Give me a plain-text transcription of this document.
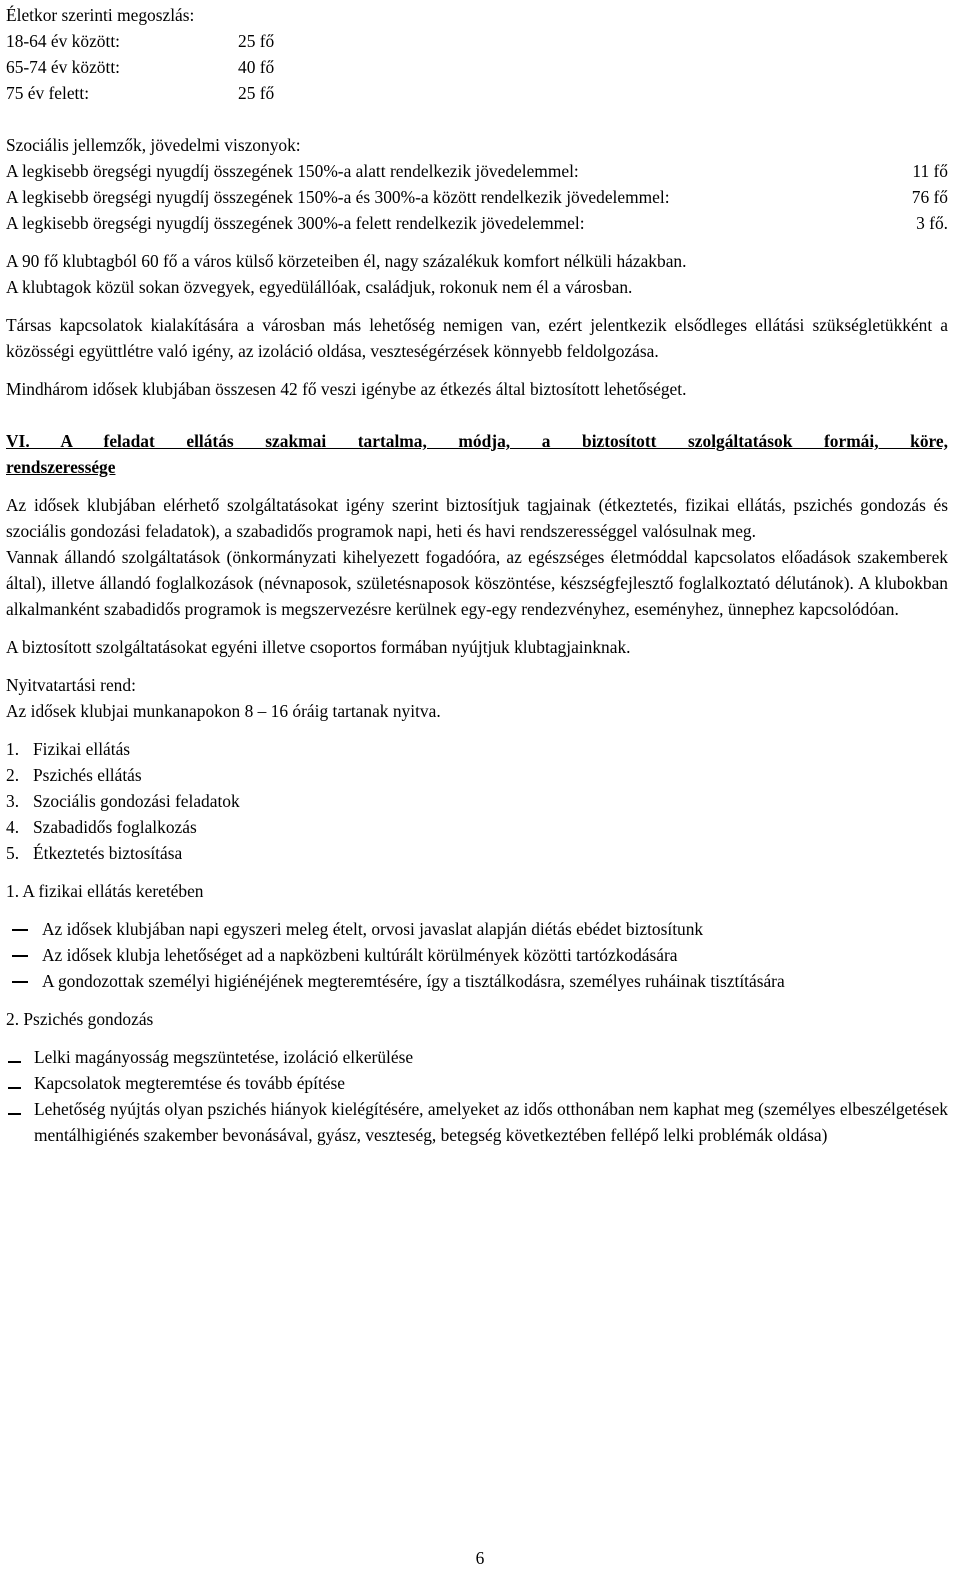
Életkor szerinti megoszlás:
18-64 év között:	25 fő
65-74 év között:	40 fő
75 év felett:	25 fő
Szociális jellemzők, jövedelmi viszonyok:
A legkisebb öregségi nyugdíj összegének 150%-a alatt rendelkezik jövedelemmel:	11 fő
A legkisebb öregségi nyugdíj összegének 150%-a és 300%-a között rendelkezik jövedelemmel:	76 fő
A legkisebb öregségi nyugdíj összegének 300%-a felett rendelkezik jövedelemmel:	3 fő.
A 90 fő klubtagból 60 fő a város külső körzeteiben él, nagy százalékuk komfort nélküli házakban.
A klubtagok közül sokan özvegyek, egyedülállóak, családjuk, rokonuk nem él a városban.
Társas kapcsolatok kialakítására a városban más lehetőség nemigen van, ezért jelentkezik elsődleges ellátási szükségletükként a közösségi együttlétre való igény, az izoláció oldása, veszteségérzések könnyebb feldolgozása.
Mindhárom idősek klubjában összesen 42 fő veszi igénybe az étkezés által biztosított lehetőséget.
VI. A feladat ellátás szakmai tartalma, módja, a biztosított szolgáltatások formái, köre,
rendszeressége
Az idősek klubjában elérhető szolgáltatásokat igény szerint biztosítjuk tagjainak (étkeztetés, fizikai ellátás, pszichés gondozás és szociális gondozási feladatok), a szabadidős programok napi, heti és havi rendszerességgel valósulnak meg.
Vannak állandó szolgáltatások (önkormányzati kihelyezett fogadóóra, az egészséges életmóddal kapcsolatos előadások szakemberek által), illetve állandó foglalkozások (névnaposok, születésnaposok köszöntése, készségfejlesztő foglalkoztató délutánok). A klubokban alkalmanként szabadidős programok is megszervezésre kerülnek egy-egy rendezvényhez, eseményhez, ünnephez kapcsolódóan.
A biztosított szolgáltatásokat egyéni illetve csoportos formában nyújtjuk klubtagjainknak.
Nyitvatartási rend:
Az idősek klubjai munkanapokon 8 – 16 óráig tartanak nyitva.
1. Fizikai ellátás
2. Pszichés ellátás
3. Szociális gondozási feladatok
4. Szabadidős foglalkozás
5. Étkeztetés biztosítása
1. A fizikai ellátás keretében
Az idősek klubjában napi egyszeri meleg ételt, orvosi javaslat alapján diétás ebédet biztosítunk
Az idősek klubja lehetőséget ad a napközbeni kultúrált körülmények közötti tartózkodására
A gondozottak személyi higiénéjének megteremtésére, így a tisztálkodásra, személyes ruháinak tisztítására
2. Pszichés gondozás
Lelki magányosság megszüntetése, izoláció elkerülése
Kapcsolatok megteremtése és tovább építése
Lehetőség nyújtás olyan pszichés hiányok kielégítésére, amelyeket az idős otthonában nem kaphat meg (személyes elbeszélgetések mentálhigiénés szakember bevonásával, gyász, veszteség, betegség következtében fellépő lelki problémák oldása)
6
